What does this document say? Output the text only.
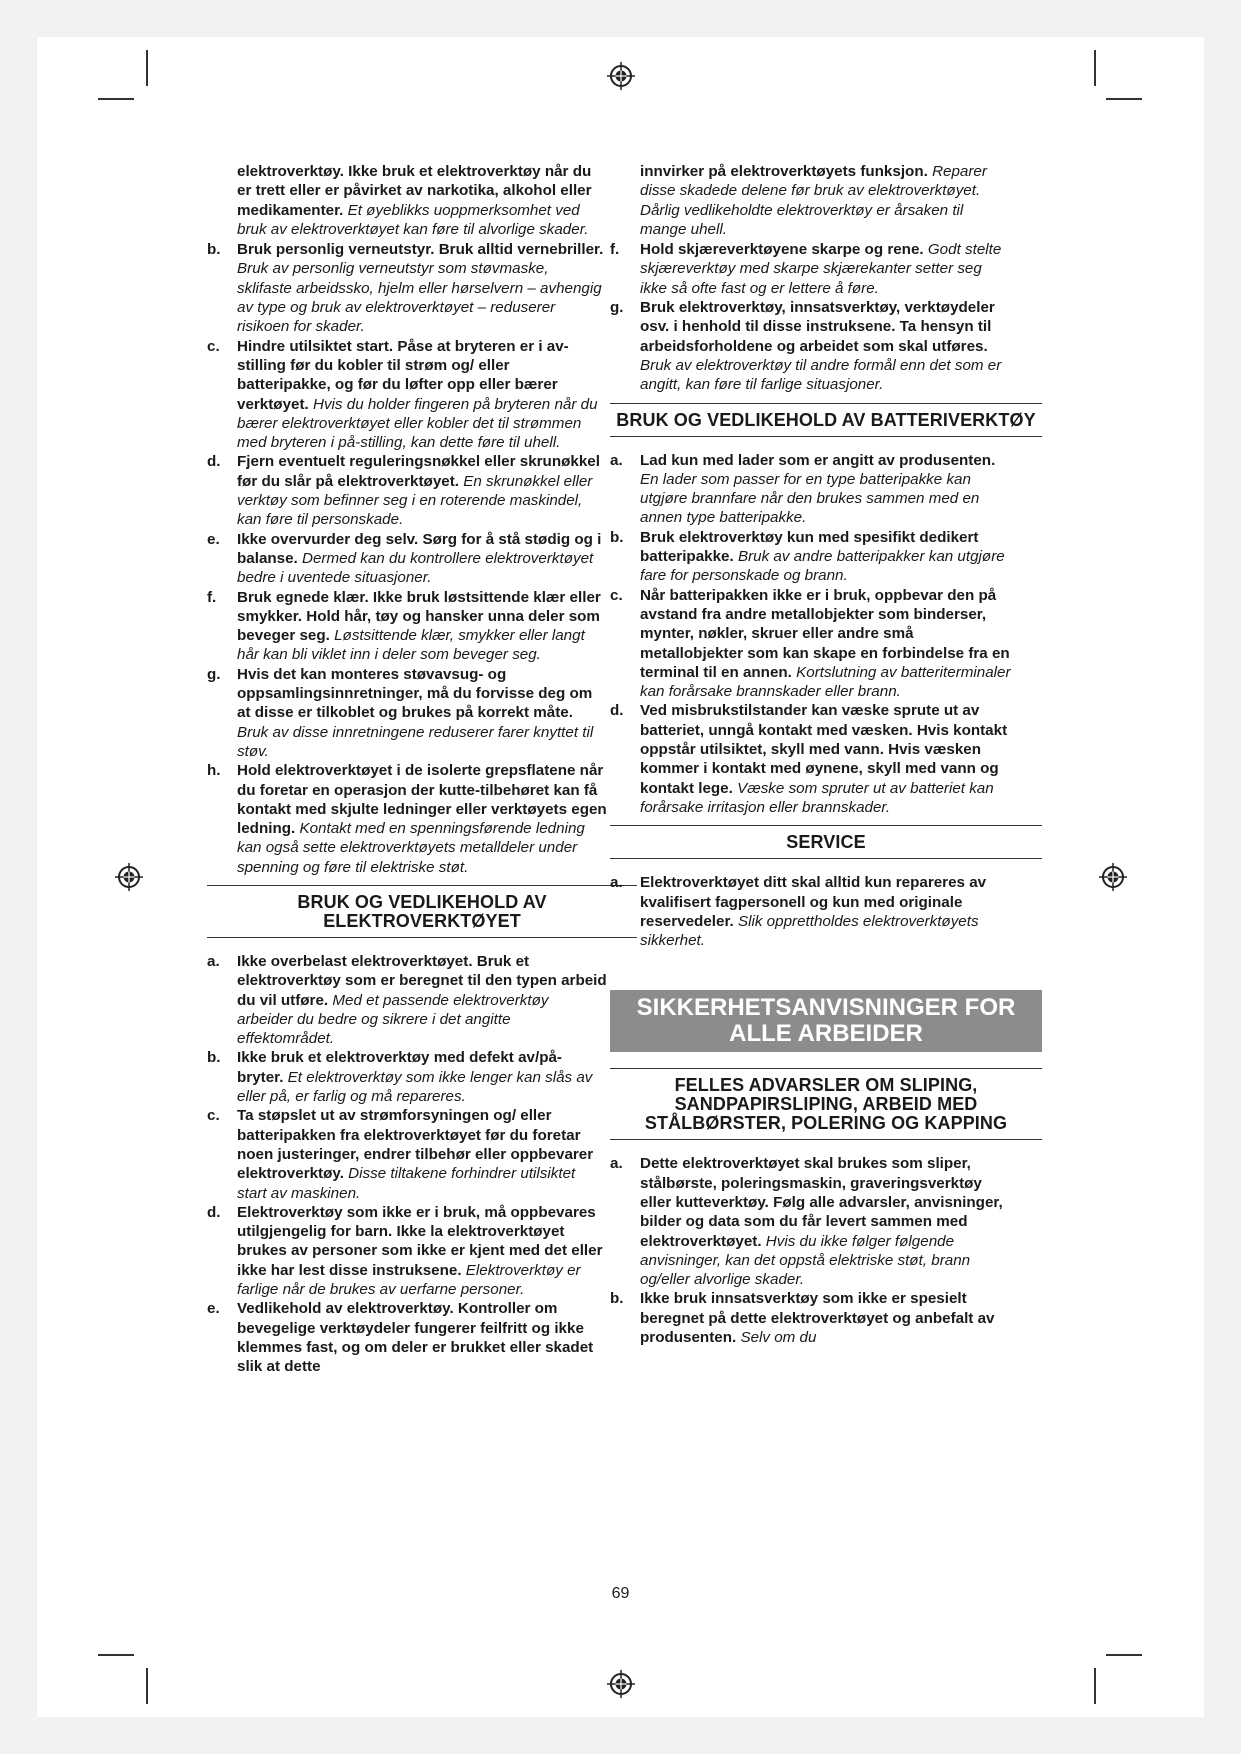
elektroverktøy. Ikke bruk et elektroverktøy når du er trett eller er påvirket av narkotika, alkohol eller medikamenter. Et øyeblikks uoppmerksomhet ved bruk av elektroverktøyet kan føre til alvorlige skader.

b. Bruk personlig verneutstyr. Bruk alltid vernebriller. Bruk av personlig verneutstyr som støvmaske, sklifaste arbeidssko, hjelm eller hørselvern – avhengig av type og bruk av elektroverktøyet – reduserer risikoen for skader.
c. Hindre utilsiktet start. Påse at bryteren er i av-stilling før du kobler til strøm og/ eller batteripakke, og før du løfter opp eller bærer verktøyet. Hvis du holder fingeren på bryteren når du bærer elektroverktøyet eller kobler det til strømmen med bryteren i på-stilling, kan dette føre til uhell.
d. Fjern eventuelt reguleringsnøkkel eller skrunøkkel før du slår på elektroverktøyet. En skrunøkkel eller verktøy som befinner seg i en roterende maskindel, kan føre til personskade.
e. Ikke overvurder deg selv. Sørg for å stå stødig og i balanse. Dermed kan du kontrollere elektroverktøyet bedre i uventede situasjoner.
f. Bruk egnede klær. Ikke bruk løstsittende klær eller smykker. Hold hår, tøy og hansker unna deler som beveger seg. Løstsittende klær, smykker eller langt hår kan bli viklet inn i deler som beveger seg.
g. Hvis det kan monteres støvavsug- og oppsamlingsinnretninger, må du forvisse deg om at disse er tilkoblet og brukes på korrekt måte. Bruk av disse innretningene reduserer farer knyttet til støv.
h. Hold elektroverktøyet i de isolerte grepsflatene når du foretar en operasjon der kutte-tilbehøret kan få kontakt med skjulte ledninger eller verktøyets egen ledning. Kontakt med en spenningsførende ledning kan også sette elektroverktøyets metalldeler under spenning og føre til elektriske støt.
BRUK OG VEDLIKEHOLD AV ELEKTROVERKTØYET
a. Ikke overbelast elektroverktøyet. Bruk et elektroverktøy som er beregnet til den typen arbeid du vil utføre. Med et passende elektroverktøy arbeider du bedre og sikrere i det angitte effektområdet.
b. Ikke bruk et elektroverktøy med defekt av/på-bryter. Et elektroverktøy som ikke lenger kan slås av eller på, er farlig og må repareres.
c. Ta støpslet ut av strømforsyningen og/ eller batteripakken fra elektroverktøyet før du foretar noen justeringer, endrer tilbehør eller oppbevarer elektroverktøy. Disse tiltakene forhindrer utilsiktet start av maskinen.
d. Elektroverktøy som ikke er i bruk, må oppbevares utilgjengelig for barn. Ikke la elektroverktøyet brukes av personer som ikke er kjent med det eller ikke har lest disse instruksene. Elektroverktøy er farlige når de brukes av uerfarne personer.
e. Vedlikehold av elektroverktøy. Kontroller om bevegelige verktøydeler fungerer feilfritt og ikke klemmes fast, og om deler er brukket eller skadet slik at dette

innvirker på elektroverktøyets funksjon. Reparer disse skadede delene før bruk av elektroverktøyet. Dårlig vedlikeholdte elektroverktøy er årsaken til mange uhell.

f. Hold skjæreverktøyene skarpe og rene. Godt stelte skjæreverktøy med skarpe skjærekanter setter seg ikke så ofte fast og er lettere å føre.
g. Bruk elektroverktøy, innsatsverktøy, verktøydeler osv. i henhold til disse instruksene. Ta hensyn til arbeidsforholdene og arbeidet som skal utføres. Bruk av elektroverktøy til andre formål enn det som er angitt, kan føre til farlige situasjoner.
BRUK OG VEDLIKEHOLD AV BATTERIVERKTØY
a. Lad kun med lader som er angitt av produsenten. En lader som passer for en type batteripakke kan utgjøre brannfare når den brukes sammen med en annen type batteripakke.
b. Bruk elektroverktøy kun med spesifikt dedikert batteripakke. Bruk av andre batteripakker kan utgjøre fare for personskade og brann.
c. Når batteripakken ikke er i bruk, oppbevar den på avstand fra andre metallobjekter som binderser, mynter, nøkler, skruer eller andre små metallobjekter som kan skape en forbindelse fra en terminal til en annen. Kortslutning av batteriterminaler kan forårsake brannskader eller brann.
d. Ved misbrukstilstander kan væske sprute ut av batteriet, unngå kontakt med væsken. Hvis kontakt oppstår utilsiktet, skyll med vann. Hvis væsken kommer i kontakt med øynene, skyll med vann og kontakt lege. Væske som spruter ut av batteriet kan forårsake irritasjon eller brannskader.
SERVICE
a. Elektroverktøyet ditt skal alltid kun repareres av kvalifisert fagpersonell og kun med originale reservedeler. Slik opprettholdes elektroverktøyets sikkerhet.
SIKKERHETSANVISNINGER FOR ALLE ARBEIDER
FELLES ADVARSLER OM SLIPING, SANDPAPIRSLIPING, ARBEID MED STÅLBØRSTER, POLERING OG KAPPING
a. Dette elektroverktøyet skal brukes som sliper, stålbørste, poleringsmaskin, graveringsverktøy eller kutteverktøy. Følg alle advarsler, anvisninger, bilder og data som du får levert sammen med elektroverktøyet. Hvis du ikke følger følgende anvisninger, kan det oppstå elektriske støt, brann og/eller alvorlige skader.
b. Ikke bruk innsatsverktøy som ikke er spesielt beregnet på dette elektroverktøyet og anbefalt av produsenten. Selv om du
69
